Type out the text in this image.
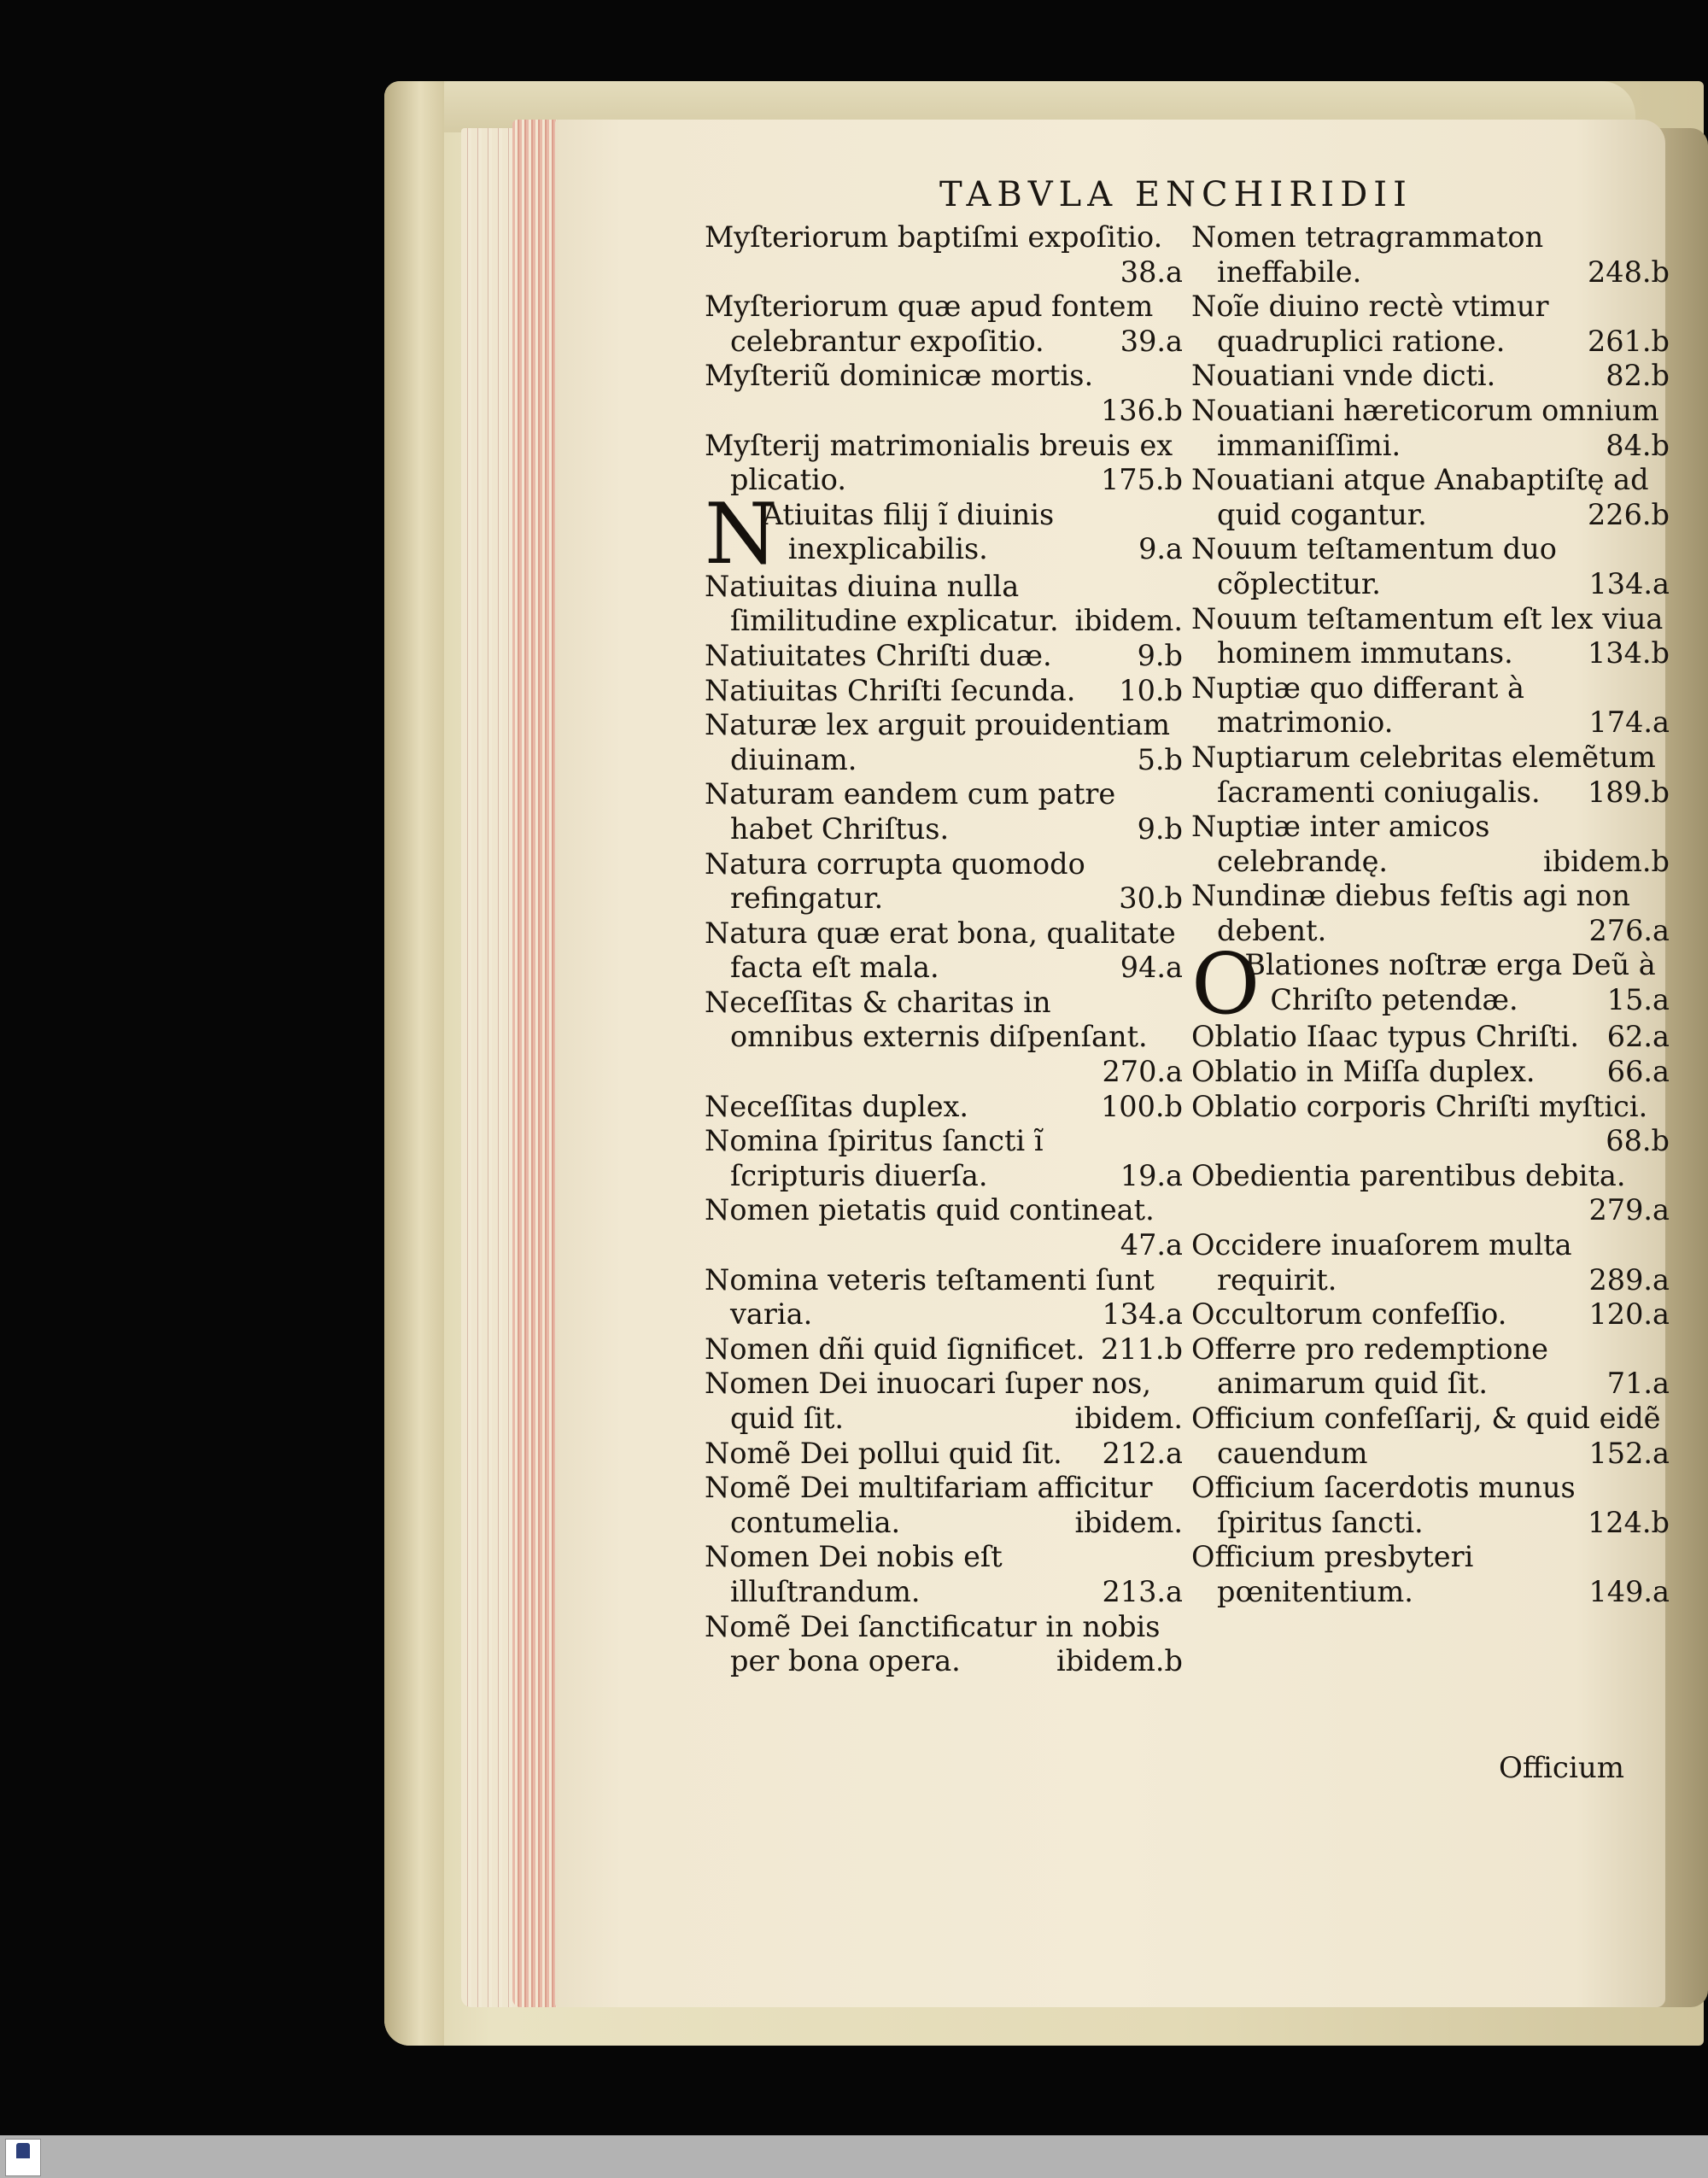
TABVLA ENCHIRIDII
Myſteriorum baptiſmi expoſitio.
38.a
Myſteriorum quæ apud fontem celebrantur expoſitio.	39.a
Myſteriũ dominicæ mortis.
136.b
Myſterij matrimonialis breuis ex plicatio.	175.b
N
Atiuitas filij ĩ diuinis inexplicabilis.	9.a
Natiuitas diuina nulla ſimilitudine explicatur. ibidem.
Natiuitates Chriſti duæ.	9.b
Natiuitas Chriſti ſecunda.	10.b
Naturæ lex arguit prouidentiam diuinam.	5.b
Naturam eandem cum patre habet Chriſtus.	9.b
Natura corrupta quomodo refingatur.	30.b
Natura quæ erat bona, qualitate facta eſt mala.	94.a
Neceſſitas & charitas in omnibus externis diſpenſant.
270.a
Neceſſitas duplex.	100.b
Nomina ſpiritus ſancti ĩ ſcripturis diuerſa.	19.a
Nomen pietatis quid contineat.
47.a
Nomina veteris teſtamenti ſunt varia.	134.a
Nomen dñi quid ſignificet. 211.b
Nomen Dei inuocari ſuper nos, quid ſit.	ibidem.
Nomẽ Dei pollui quid ſit.	212.a
Nomẽ Dei multifariam afficitur contumelia.	ibidem.
Nomen Dei nobis eſt illuſtrandum.	213.a
Nomẽ Dei ſanctificatur in nobis per bona opera.	ibidem.b
Nomen tetragrammaton ineffabile.	248.b
Noĩe diuino rectè vtimur quadruplici ratione.	261.b
Nouatiani vnde dicti.	82.b
Nouatiani hæreticorum omnium immaniſſimi.	84.b
Nouatiani atque Anabaptiſtę ad quid cogantur.	226.b
Nouum teſtamentum duo cõplectitur.	134.a
Nouum teſtamentum eſt lex viua hominem immutans.	134.b
Nuptiæ quo differant à matrimonio.	174.a
Nuptiarum celebritas elemẽtum ſacramenti coniugalis.	189.b
Nuptiæ inter amicos celebrandę.	ibidem.b
Nundinæ diebus feſtis agi non debent.	276.a
O
Blationes noſtræ erga Deũ à Chriſto petendæ.	15.a
Oblatio Iſaac typus Chriſti. 62.a
Oblatio in Miſſa duplex.	66.a
Oblatio corporis Chriſti myſtici.
68.b
Obedientia parentibus debita.
279.a
Occidere inuaſorem multa requirit.	289.a
Occultorum confeſſio.	120.a
Offerre pro redemptione animarum quid ſit.	71.a
Officium confeſſarij, & quid eidẽ cauendum	152.a
Officium ſacerdotis munus ſpiritus ſancti.	124.b
Officium presbyteri pœnitentium.	149.a
Officium
